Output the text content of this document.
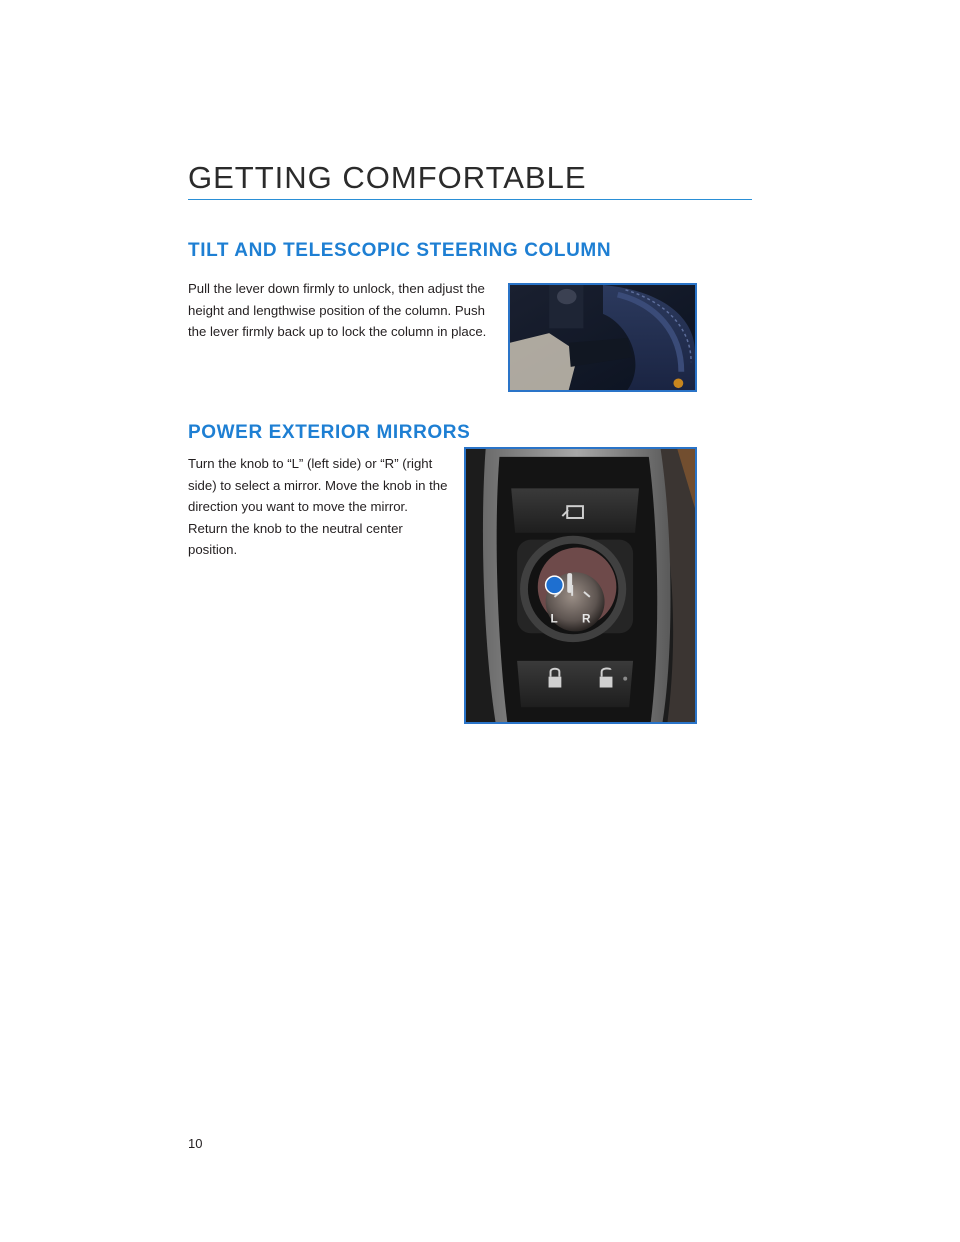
GETTING COMFORTABLE
TILT AND TELESCOPIC STEERING COLUMN

Pull the lever down firmly to unlock, then adjust the height and lengthwise position of the column. Push the lever firmly back up to lock the column in place.

POWER EXTERIOR MIRRORS

Turn the knob to “L” (left side) or “R” (right side) to select a mirror. Move the knob in the direction you want to move the mirror. Return the knob to the neutral center position.

L R
10
